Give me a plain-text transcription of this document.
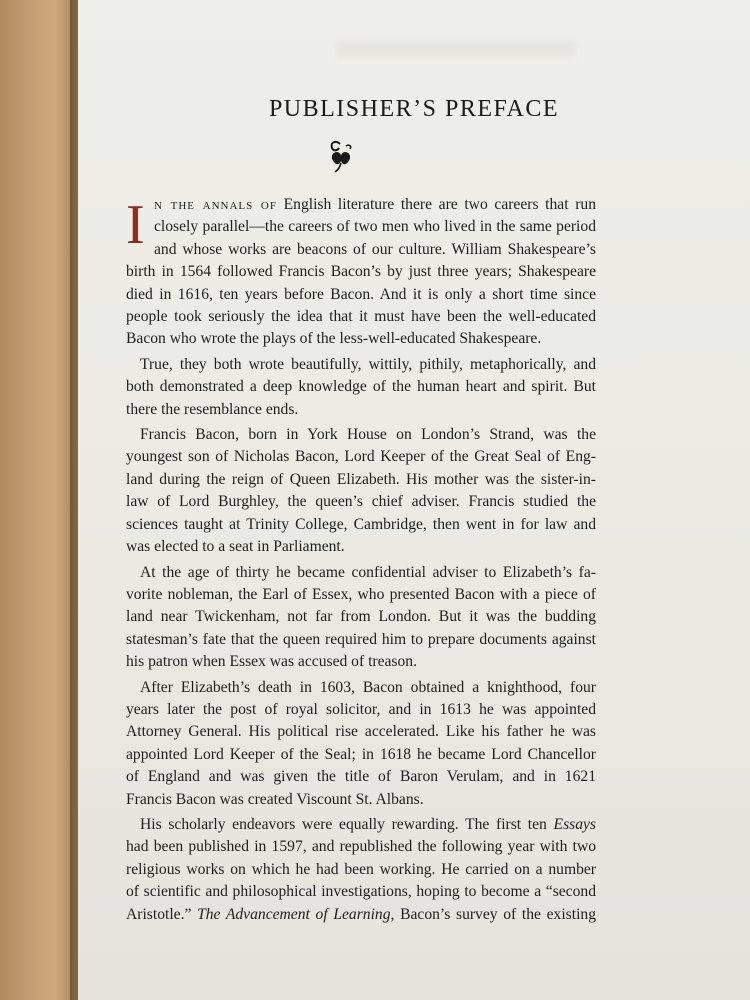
PUBLISHER’S PREFACE
I n the annals of English literature there are two careers that run
closely parallel—the careers of two men who lived in the same period
and whose works are beacons of our culture. William Shakespeare’s
birth in 1564 followed Francis Bacon’s by just three years; Shakespeare
died in 1616, ten years before Bacon. And it is only a short time since
people took seriously the idea that it must have been the well-educated
Bacon who wrote the plays of the less-well-educated Shakespeare.
True, they both wrote beautifully, wittily, pithily, metaphorically, and
both demonstrated a deep knowledge of the human heart and spirit. But
there the resemblance ends.
Francis Bacon, born in York House on London’s Strand, was the
youngest son of Nicholas Bacon, Lord Keeper of the Great Seal of Eng-
land during the reign of Queen Elizabeth. His mother was the sister-in-
law of Lord Burghley, the queen’s chief adviser. Francis studied the
sciences taught at Trinity College, Cambridge, then went in for law and
was elected to a seat in Parliament.
At the age of thirty he became confidential adviser to Elizabeth’s fa-
vorite nobleman, the Earl of Essex, who presented Bacon with a piece of
land near Twickenham, not far from London. But it was the budding
statesman’s fate that the queen required him to prepare documents against
his patron when Essex was accused of treason.
After Elizabeth’s death in 1603, Bacon obtained a knighthood, four
years later the post of royal solicitor, and in 1613 he was appointed
Attorney General. His political rise accelerated. Like his father he was
appointed Lord Keeper of the Seal; in 1618 he became Lord Chancellor
of England and was given the title of Baron Verulam, and in 1621
Francis Bacon was created Viscount St. Albans.
His scholarly endeavors were equally rewarding. The first ten Essays
had been published in 1597, and republished the following year with two
religious works on which he had been working. He carried on a number
of scientific and philosophical investigations, hoping to become a “second
Aristotle.” The Advancement of Learning, Bacon’s survey of the existing
